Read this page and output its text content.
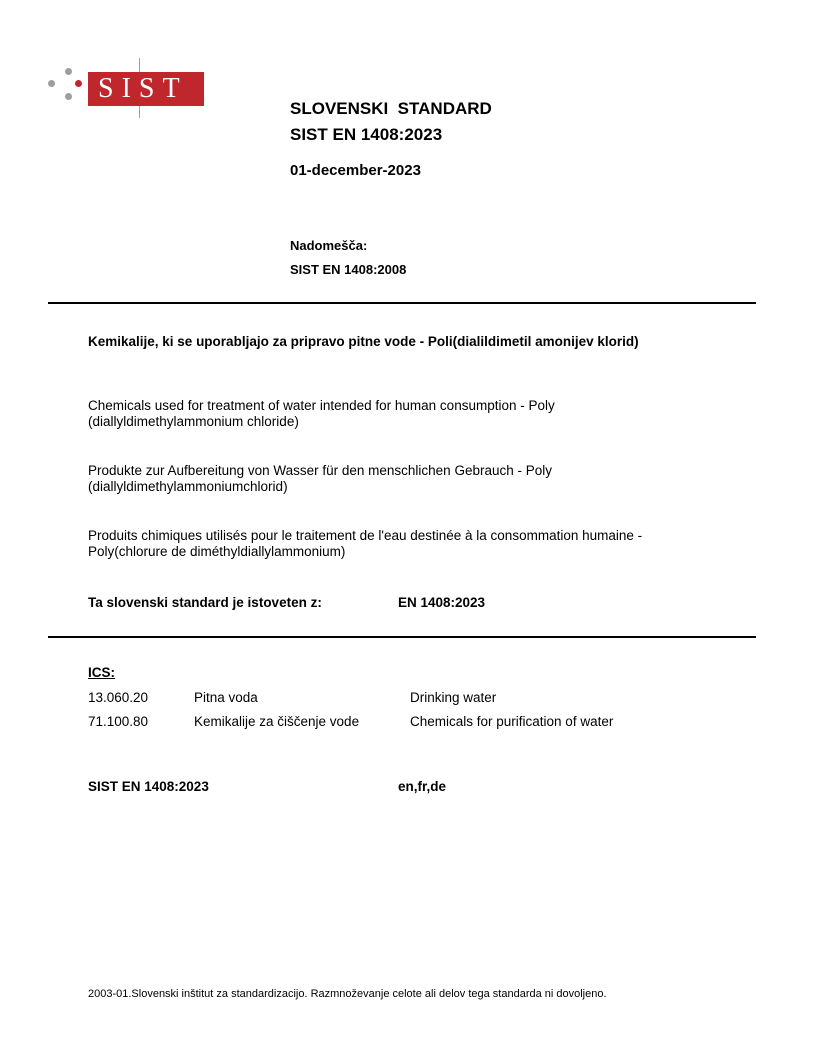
SIST
SLOVENSKI  STANDARD
SIST EN 1408:2023
01-december-2023
Nadomešča:
SIST EN 1408:2008
Kemikalije, ki se uporabljajo za pripravo pitne vode - Poli(dialildimetil amonijev klorid)
Chemicals used for treatment of water intended for human consumption - Poly (diallyldimethylammonium chloride)
Produkte zur Aufbereitung von Wasser für den menschlichen Gebrauch - Poly (diallyldimethylammoniumchlorid)
Produits chimiques utilisés pour le traitement de l'eau destinée à la consommation humaine - Poly(chlorure de diméthyldiallylammonium)
Ta slovenski standard je istoveten z:	EN 1408:2023
ICS:
13.060.20	Pitna voda	Drinking water
71.100.80	Kemikalije za čiščenje vode	Chemicals for purification of water
SIST EN 1408:2023	en,fr,de
2003-01.Slovenski inštitut za standardizacijo. Razmnoževanje celote ali delov tega standarda ni dovoljeno.
